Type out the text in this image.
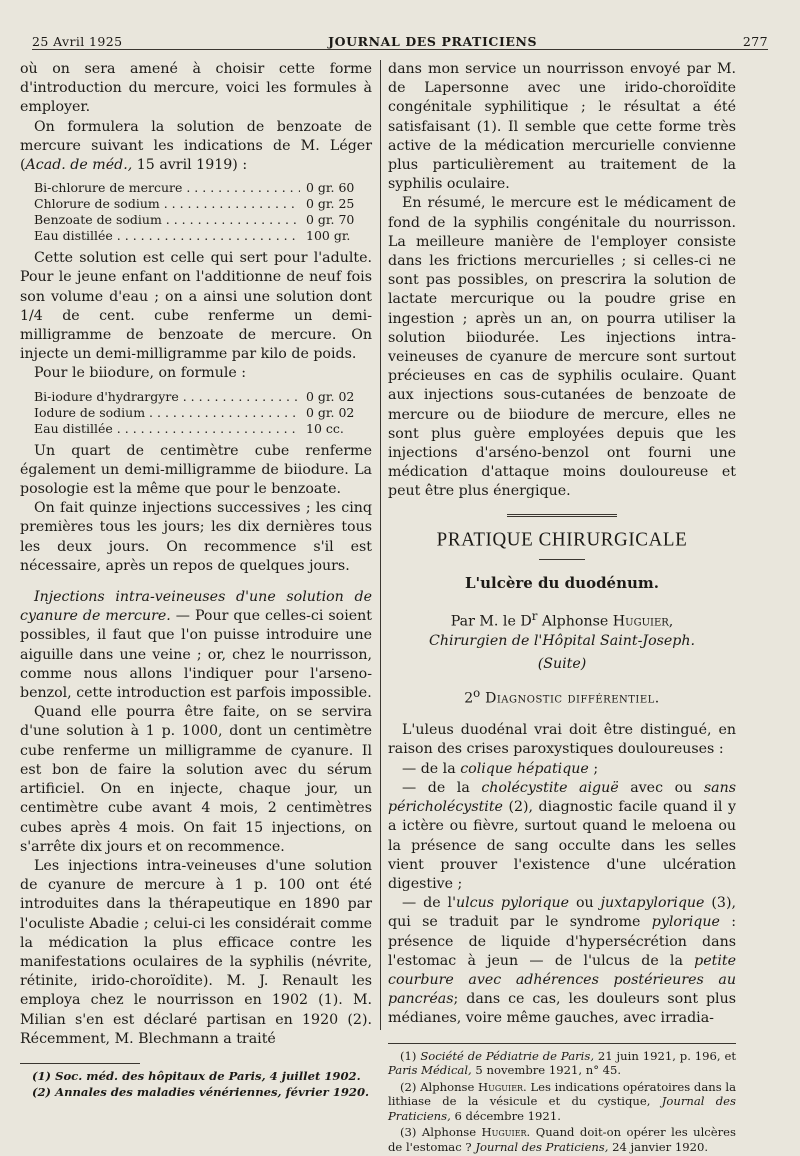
25 Avril 1925	JOURNAL DES PRATICIENS	277

où on sera amené à choisir cette forme d'introduction du mercure, voici les formules à employer.

On formulera la solution de benzoate de mercure suivant les indications de M. Léger (Acad. de méd., 15 avril 1919) :

Bi-chlorure de mercure . . .	0 gr. 60
Chlorure de sodium . . .	0 gr. 25
Benzoate de sodium . . .	0 gr. 70
Eau distillée . . .	100 gr.

Cette solution est celle qui sert pour l'adulte. Pour le jeune enfant on l'additionne de neuf fois son volume d'eau ; on a ainsi une solution dont 1/4 de cent. cube renferme un demi-milligramme de benzoate de mercure. On injecte un demi-milligramme par kilo de poids.

Pour le biiodure, on formule :

Bi-iodure d'hydrargyre . . .	0 gr. 02
Iodure de sodium . . .	0 gr. 02
Eau distillée . . .	10 cc.

Un quart de centimètre cube renferme également un demi-milligramme de biiodure. La posologie est la même que pour le benzoate.

On fait quinze injections successives ; les cinq premières tous les jours; les dix dernières tous les deux jours. On recommence s'il est nécessaire, après un repos de quelques jours.

Injections intra-veineuses d'une solution de cyanure de mercure. — Pour que celles-ci soient possibles, il faut que l'on puisse introduire une aiguille dans une veine ; or, chez le nourrisson, comme nous allons l'indiquer pour l'arseno-benzol, cette introduction est parfois impossible.

Quand elle pourra être faite, on se servira d'une solution à 1 p. 1000, dont un centimètre cube renferme un milligramme de cyanure. Il est bon de faire la solution avec du sérum artificiel. On en injecte, chaque jour, un centimètre cube avant 4 mois, 2 centimètres cubes après 4 mois. On fait 15 injections, on s'arrête dix jours et on recommence.

Les injections intra-veineuses d'une solution de cyanure de mercure à 1 p. 100 ont été introduites dans la thérapeutique en 1890 par l'oculiste Abadie ; celui-ci les considérait comme la médication la plus efficace contre les manifestations oculaires de la syphilis (névrite, rétinite, irido-choroïdite). M. J. Renault les employa chez le nourrisson en 1902 (1). M. Milian s'en est déclaré partisan en 1920 (2). Récemment, M. Blechmann a traité

(1) Soc. méd. des hôpitaux de Paris, 4 juillet 1902.

(2) Annales des maladies vénériennes, février 1920.

dans mon service un nourrisson envoyé par M. de Lapersonne avec une irido-choroïdite congénitale syphilitique ; le résultat a été satisfaisant (1). Il semble que cette forme très active de la médication mercurielle convienne plus particulièrement au traitement de la syphilis oculaire.

En résumé, le mercure est le médicament de fond de la syphilis congénitale du nourrisson. La meilleure manière de l'employer consiste dans les frictions mercurielles ; si celles-ci ne sont pas possibles, on prescrira la solution de lactate mercurique ou la poudre grise en ingestion ; après un an, on pourra utiliser la solution biiodurée. Les injections intra-veineuses de cyanure de mercure sont surtout précieuses en cas de syphilis oculaire. Quant aux injections sous-cutanées de benzoate de mercure ou de biiodure de mercure, elles ne sont plus guère employées depuis que les injections d'arséno-benzol ont fourni une médication d'attaque moins douloureuse et peut être plus énergique.

PRATIQUE CHIRURGICALE
L'ulcère du duodénum.
Par M. le $D^r$ Alphonse Huguier,
Chirurgien de l'Hôpital Saint-Joseph.
(Suite)
2$^o$ Diagnostic différentiel.

L'uleus duodénal vrai doit être distingué, en raison des crises paroxystiques douloureuses :

— de la colique hépatique ;

— de la cholécystite aiguë avec ou sans péricholécystite (2), diagnostic facile quand il y a ictère ou fièvre, surtout quand le meloena ou la présence de sang occulte dans les selles vient prouver l'existence d'une ulcération digestive ;

— de l'ulcus pylorique ou juxtapylorique (3), qui se traduit par le syndrome pylorique : présence de liquide d'hypersécrétion dans l'estomac à jeun — de l'ulcus de la petite courbure avec adhérences postérieures au pancréas; dans ce cas, les douleurs sont plus médianes, voire même gauches, avec irradia-

(1) Société de Pédiatrie de Paris, 21 juin 1921, p. 196, et Paris Médical, 5 novembre 1921, n° 45.

(2) Alphonse Huguier. Les indications opératoires dans la lithiase de la vésicule et du cystique, Journal des Praticiens, 6 décembre 1921.

(3) Alphonse Huguier. Quand doit-on opérer les ulcères de l'estomac ? Journal des Praticiens, 24 janvier 1920.
